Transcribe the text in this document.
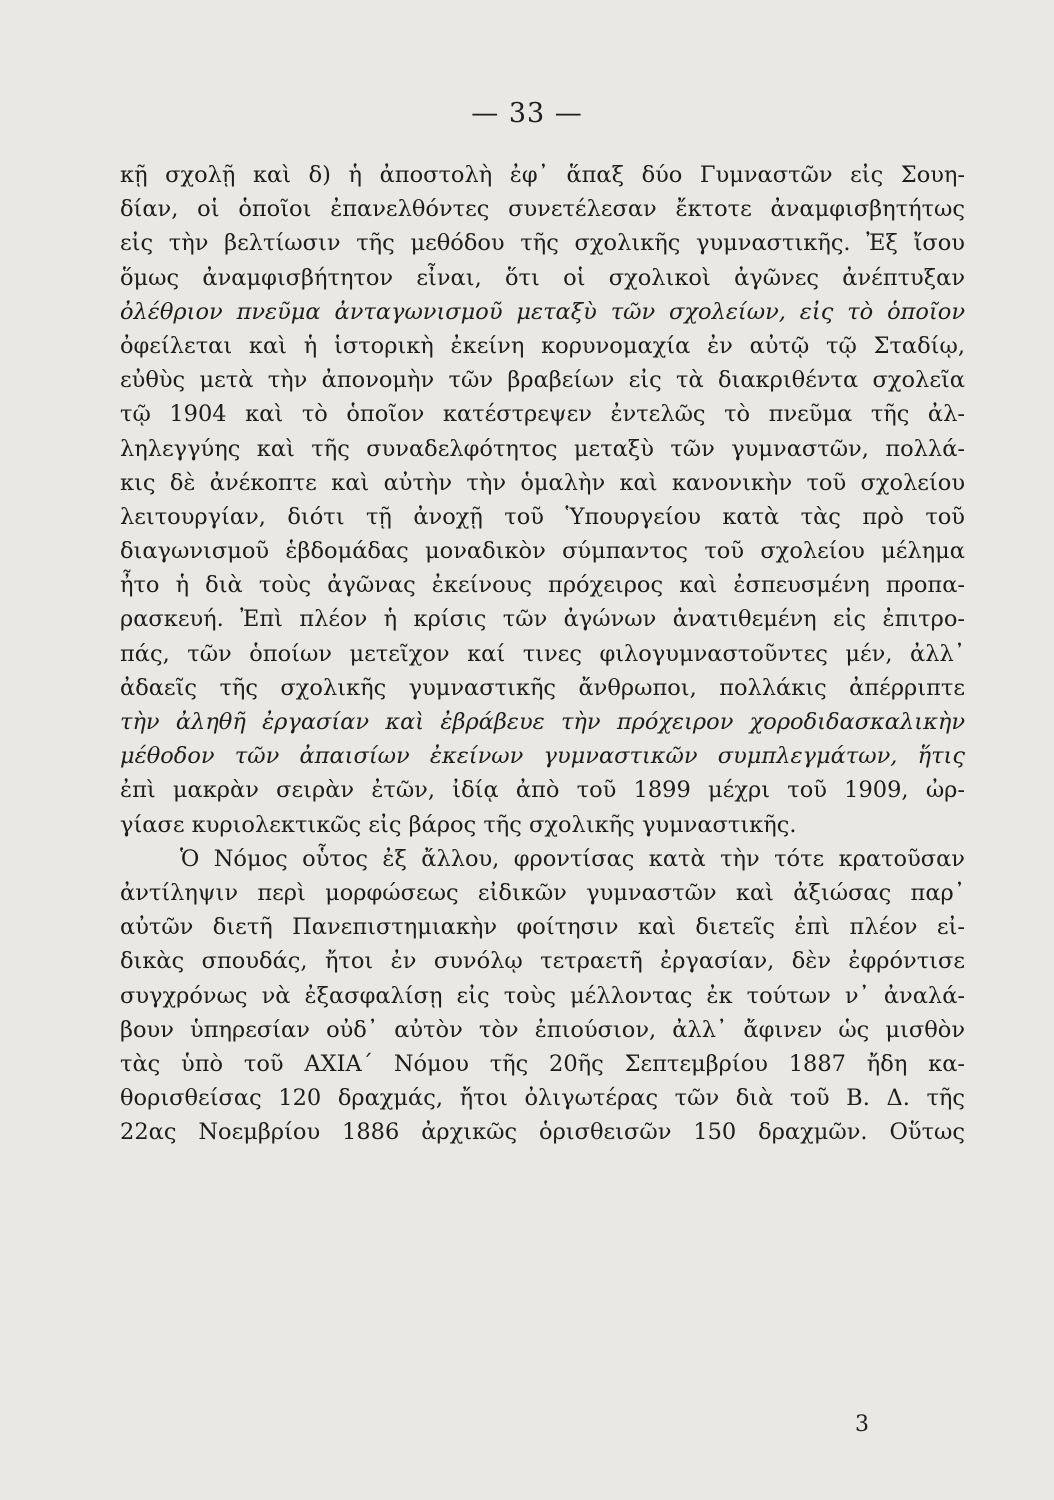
— 33 —
κῇ σχολῇ καὶ δ) ἡ ἀποστολὴ ἐφ᾽ ἅπαξ δύο Γυμναστῶν εἰς Σουη-
δίαν, οἱ ὁποῖοι ἐπανελθόντες συνετέλεσαν ἔκτοτε ἀναμφισβητήτως
εἰς τὴν βελτίωσιν τῆς μεθόδου τῆς σχολικῆς γυμναστικῆς. Ἐξ ἴσου
ὅμως ἀναμφισβήτητον εἶναι, ὅτι οἱ σχολικοὶ ἀγῶνες ἀνέπτυξαν
ὀλέθριον πνεῦμα ἀνταγωνισμοῦ μεταξὺ τῶν σχολείων, εἰς τὸ ὁποῖον
ὀφείλεται καὶ ἡ ἱστορικὴ ἐκείνη κορυνομαχία ἐν αὐτῷ τῷ Σταδίῳ,
εὐθὺς μετὰ τὴν ἀπονομὴν τῶν βραβείων εἰς τὰ διακριθέντα σχολεῖα
τῷ 1904 καὶ τὸ ὁποῖον κατέστρεψεν ἐντελῶς τὸ πνεῦμα τῆς ἀλ-
ληλεγγύης καὶ τῆς συναδελφότητος μεταξὺ τῶν γυμναστῶν, πολλά-
κις δὲ ἀνέκοπτε καὶ αὐτὴν τὴν ὁμαλὴν καὶ κανονικὴν τοῦ σχολείου
λειτουργίαν, διότι τῇ ἀνοχῇ τοῦ Ὑπουργείου κατὰ τὰς πρὸ τοῦ
διαγωνισμοῦ ἑβδομάδας μοναδικὸν σύμπαντος τοῦ σχολείου μέλημα
ἦτο ἡ διὰ τοὺς ἀγῶνας ἐκείνους πρόχειρος καὶ ἐσπευσμένη προπα-
ρασκευή. Ἐπὶ πλέον ἡ κρίσις τῶν ἀγώνων ἀνατιθεμένη εἰς ἐπιτρο-
πάς, τῶν ὁποίων μετεῖχον καί τινες φιλογυμναστοῦντες μέν, ἀλλ᾽
ἀδαεῖς τῆς σχολικῆς γυμναστικῆς ἄνθρωποι, πολλάκις ἀπέρριπτε
τὴν ἀληθῆ ἐργασίαν καὶ ἐβράβευε τὴν πρόχειρον χοροδιδασκαλικὴν
μέθοδον τῶν ἀπαισίων ἐκείνων γυμναστικῶν συμπλεγμάτων, ἥτις
ἐπὶ μακρὰν σειρὰν ἐτῶν, ἰδίᾳ ἀπὸ τοῦ 1899 μέχρι τοῦ 1909, ὠρ-
γίασε κυριολεκτικῶς εἰς βάρος τῆς σχολικῆς γυμναστικῆς.
Ὁ Νόμος οὗτος ἐξ ἄλλου, φροντίσας κατὰ τὴν τότε κρατοῦσαν
ἀντίληψιν περὶ μορφώσεως εἰδικῶν γυμναστῶν καὶ ἀξιώσας παρ᾽
αὐτῶν διετῆ Πανεπιστημιακὴν φοίτησιν καὶ διετεῖς ἐπὶ πλέον εἰ-
δικὰς σπουδάς, ἤτοι ἐν συνόλῳ τετραετῆ ἐργασίαν, δὲν ἐφρόντισε
συγχρόνως νὰ ἐξασφαλίσῃ εἰς τοὺς μέλλοντας ἐκ τούτων ν᾽ ἀναλά-
βουν ὑπηρεσίαν οὐδ᾽ αὐτὸν τὸν ἐπιούσιον, ἀλλ᾽ ἄφινεν ὡς μισθὸν
τὰς ὑπὸ τοῦ ΑΧΙΑ΄ Νόμου τῆς 20ῆς Σεπτεμβρίου 1887 ἤδη κα-
θορισθείσας 120 δραχμάς, ἤτοι ὀλιγωτέρας τῶν διὰ τοῦ Β. Δ. τῆς
22ας Νοεμβρίου 1886 ἀρχικῶς ὁρισθεισῶν 150 δραχμῶν. Οὕτως
3
